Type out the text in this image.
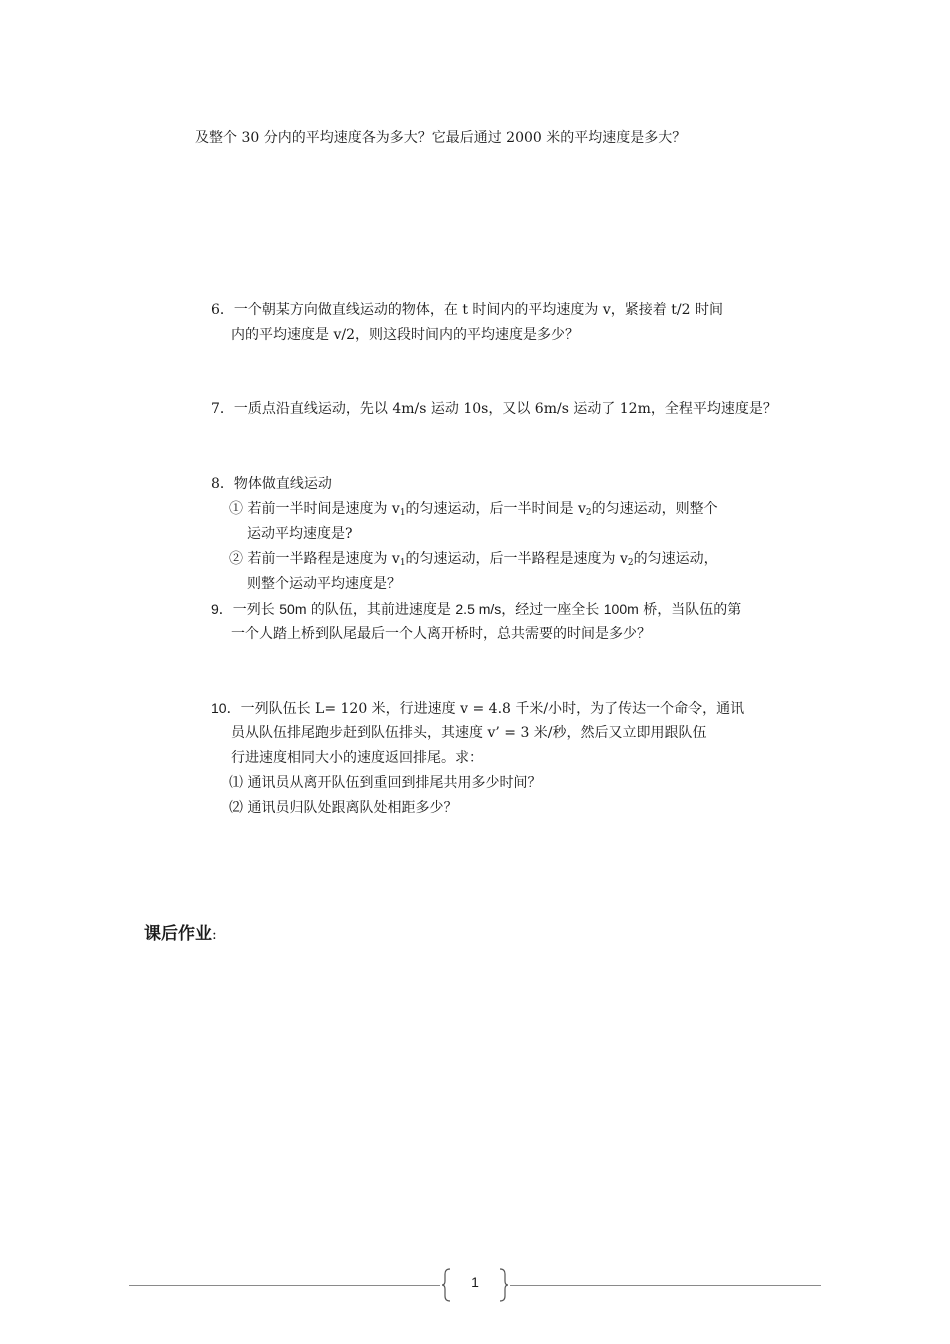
及整个 30 分内的平均速度各为多大？它最后通过 2000 米的平均速度是多大？
6．一个朝某方向做直线运动的物体，在 t 时间内的平均速度为 v，紧接着 t/2 时间
内的平均速度是 v/2，则这段时间内的平均速度是多少？
7．一质点沿直线运动，先以 4m/s 运动 10s，又以 6m/s 运动了 12m，全程平均速度是？
8．物体做直线运动
① 若前一半时间是速度为 $v_1$的匀速运动，后一半时间是 $v_2$的匀速运动，则整个
运动平均速度是?
② 若前一半路程是速度为 $v_1$的匀速运动，后一半路程是速度为 $v_2$的匀速运动，
则整个运动平均速度是？
9．一列长 50m 的队伍，其前进速度是 2.5 m/s，经过一座全长 100m 桥，当队伍的第
一个人踏上桥到队尾最后一个人离开桥时，总共需要的时间是多少？
10．一列队伍长 L= 120 米，行进速度 v = 4.8 千米/小时，为了传达一个命令，通讯
员从队伍排尾跑步赶到队伍排头，其速度 v’ = 3 米/秒，然后又立即用跟队伍
行进速度相同大小的速度返回排尾。求：
⑴ 通讯员从离开队伍到重回到排尾共用多少时间？
⑵ 通讯员归队处跟离队处相距多少？
课后作业:
1
